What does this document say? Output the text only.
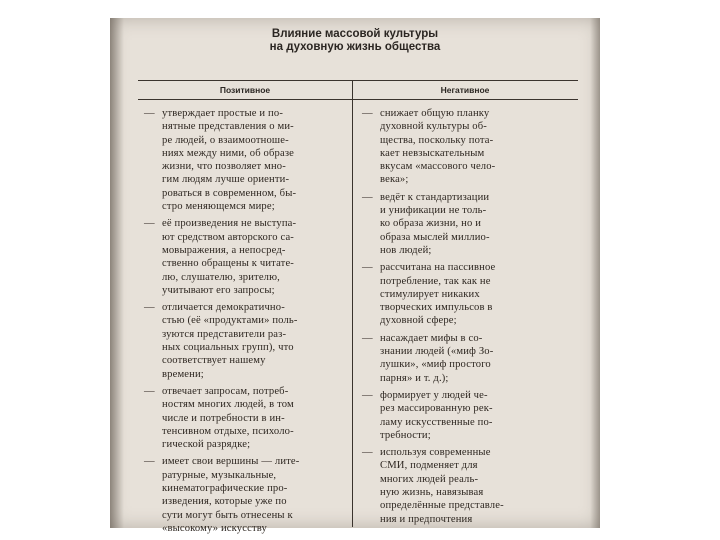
Влияние массовой культуры
на духовную жизнь общества
Позитивное	Негативное
— утверждает простые и по-
нятные представления о ми-
ре людей, о взаимоотноше-
ниях между ними, об образе
жизни, что позволяет мно-
гим людям лучше ориенти-
роваться в современном, бы-
стро меняющемся мире;
— её произведения не выступа-
ют средством авторского са-
мовыражения, а непосред-
ственно обращены к читате-
лю, слушателю, зрителю,
учитывают его запросы;
— отличается демократично-
стью (её «продуктами» поль-
зуются представители раз-
ных социальных групп), что
соответствует нашему
времени;
— отвечает запросам, потреб-
ностям многих людей, в том
числе и потребности в ин-
тенсивном отдыхе, психоло-
гической разрядке;
— имеет свои вершины — лите-
ратурные, музыкальные,
кинематографические про-
изведения, которые уже по
сути могут быть отнесены к
«высокому» искусству
— снижает общую планку
духовной культуры об-
щества, поскольку пота-
кает невзыскательным
вкусам «массового чело-
века»;
— ведёт к стандартизации
и унификации не толь-
ко образа жизни, но и
образа мыслей миллио-
нов людей;
— рассчитана на пассивное
потребление, так как не
стимулирует никаких
творческих импульсов в
духовной сфере;
— насаждает мифы в со-
знании людей («миф Зо-
лушки», «миф простого
парня» и т. д.);
— формирует у людей че-
рез массированную рек-
ламу искусственные по-
требности;
— используя современные
СМИ, подменяет для
многих людей реаль-
ную жизнь, навязывая
определённые представле-
ния и предпочтения
